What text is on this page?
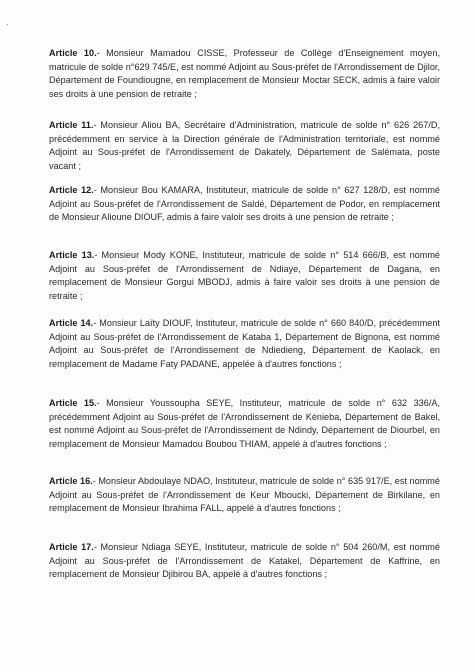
·

Article 10.- Monsieur Mamadou CISSE, Professeur de Collège d'Enseignement moyen, matricule de solde n°629 745/E, est nommé Adjoint au Sous-préfet de l'Arrondissement de Djilor, Département de Foundiougne, en remplacement de Monsieur Moctar SECK, admis à faire valoir ses droits à une pension de retraite ;

Article 11.- Monsieur Aliou BA, Secrétaire d'Administration, matricule de solde n° 626 267/D, précédemment en service à la Direction générale de l'Administration territoriale, est nommé Adjoint au Sous-préfet de l'Arrondissement de Dakately, Département de Salémata, poste vacant ;

Article 12.- Monsieur Bou KAMARA, Instituteur, matricule de solde n° 627 128/D, est nommé Adjoint au Sous-préfet de l'Arrondissement de Saldé, Département de Podor, en remplacement de Monsieur Alioune DIOUF, admis à faire valoir ses droits à une pension de retraite ;

Article 13.- Monsieur Mody KONE, Instituteur, matricule de solde n° 514 666/B, est nommé Adjoint au Sous-préfet de l'Arrondissement de Ndiaye, Département de Dagana, en remplacement de Monsieur Gorgui MBODJ, admis à faire valoir ses droits à une pension de retraite ;

Article 14.- Monsieur Laïty DIOUF, Instituteur, matricule de solde n° 660 840/D, précédemment Adjoint au Sous-préfet de l'Arrondissement de Kataba 1, Département de Bignona, est nommé Adjoint au Sous-préfet de l'Arrondissement de Ndiedieng, Département de Kaolack, en remplacement de Madame Faty PADANE, appelée à d'autres fonctions ;

Article 15.- Monsieur Youssoupha SEYE, Instituteur, matricule de solde n° 632 336/A, précédemment Adjoint au Sous-préfet de l'Arrondissement de Kénieba, Département de Bakel, est nommé Adjoint au Sous-préfet de l'Arrondissement de Ndindy, Département de Diourbel, en remplacement de Monsieur Mamadou Boubou THIAM, appelé à d'autres fonctions ;

Article 16.- Monsieur Abdoulaye NDAO, Instituteur, matricule de solde n° 635 917/E, est nommé Adjoint au Sous-préfet de l'Arrondissement de Keur Mboucki, Département de Birkilane, en remplacement de Monsieur Ibrahima FALL, appelé à d'autres fonctions ;

Article 17.- Monsieur Ndiaga SEYE, Instituteur, matricule de solde n° 504 260/M, est nommé Adjoint au Sous-préfet de l'Arrondissement de Katakel, Département de Kaffrine, en remplacement de Monsieur Djibirou BA, appelé à d'autres fonctions ;
